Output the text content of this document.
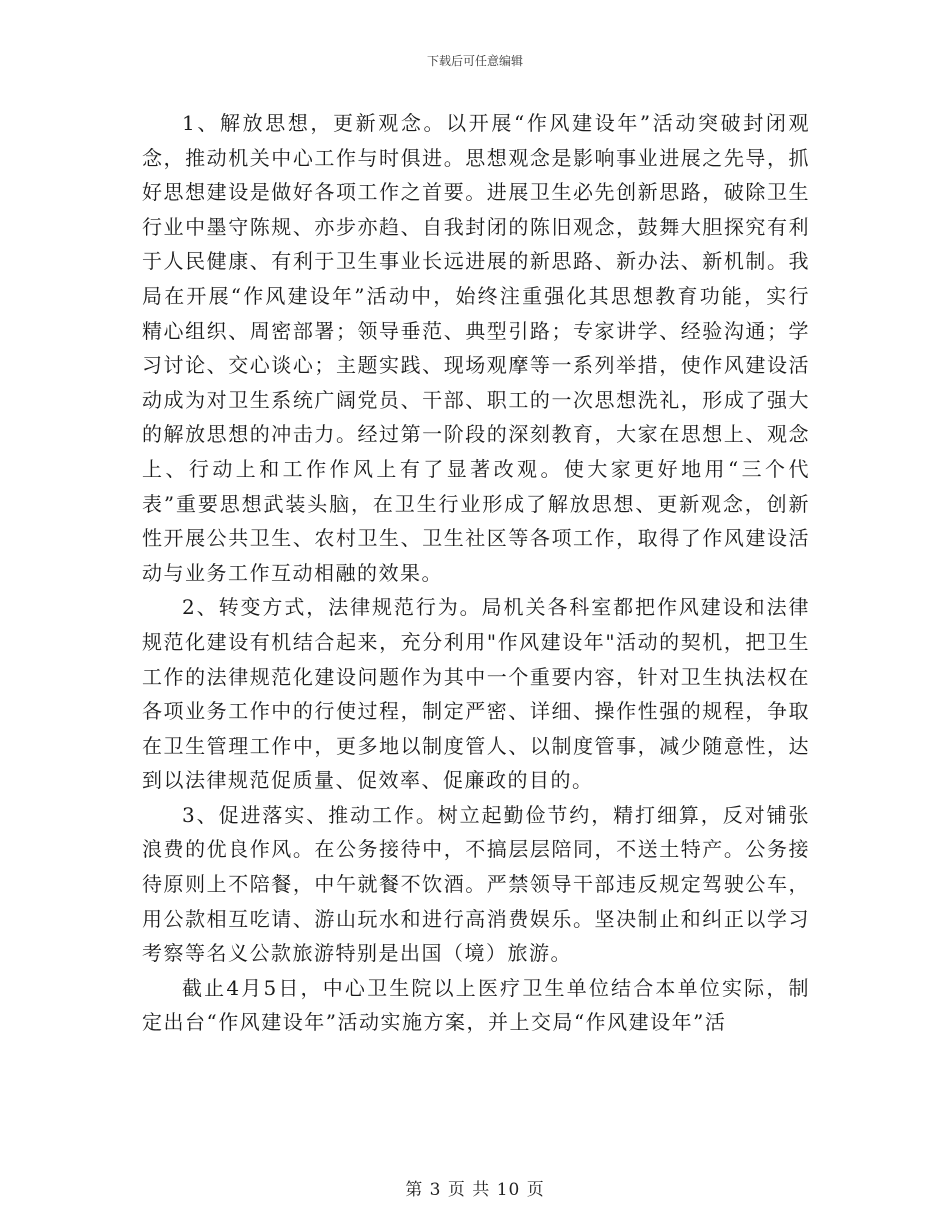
下载后可任意编辑

1、解放思想，更新观念。以开展“作风建设年”活动突破封闭观念，推动机关中心工作与时俱进。思想观念是影响事业进展之先导，抓好思想建设是做好各项工作之首要。进展卫生必先创新思路，破除卫生行业中墨守陈规、亦步亦趋、自我封闭的陈旧观念，鼓舞大胆探究有利于人民健康、有利于卫生事业长远进展的新思路、新办法、新机制。我局在开展“作风建设年”活动中，始终注重强化其思想教育功能，实行精心组织、周密部署；领导垂范、典型引路；专家讲学、经验沟通；学习讨论、交心谈心；主题实践、现场观摩等一系列举措，使作风建设活动成为对卫生系统广阔党员、干部、职工的一次思想洗礼，形成了强大的解放思想的冲击力。经过第一阶段的深刻教育，大家在思想上、观念上、行动上和工作作风上有了显著改观。使大家更好地用“三个代表”重要思想武装头脑，在卫生行业形成了解放思想、更新观念，创新性开展公共卫生、农村卫生、卫生社区等各项工作，取得了作风建设活动与业务工作互动相融的效果。

2、转变方式，法律规范行为。局机关各科室都把作风建设和法律规范化建设有机结合起来，充分利用"作风建设年"活动的契机，把卫生工作的法律规范化建设问题作为其中一个重要内容，针对卫生执法权在各项业务工作中的行使过程，制定严密、详细、操作性强的规程，争取在卫生管理工作中，更多地以制度管人、以制度管事，减少随意性，达到以法律规范促质量、促效率、促廉政的目的。

3、促进落实、推动工作。树立起勤俭节约，精打细算，反对铺张浪费的优良作风。在公务接待中，不搞层层陪同，不送土特产。公务接待原则上不陪餐，中午就餐不饮酒。严禁领导干部违反规定驾驶公车，用公款相互吃请、游山玩水和进行高消费娱乐。坚决制止和纠正以学习考察等名义公款旅游特别是出国（境）旅游。

截止4月5日，中心卫生院以上医疗卫生单位结合本单位实际，制定出台“作风建设年”活动实施方案，并上交局“作风建设年”活

第 3 页 共 10 页
